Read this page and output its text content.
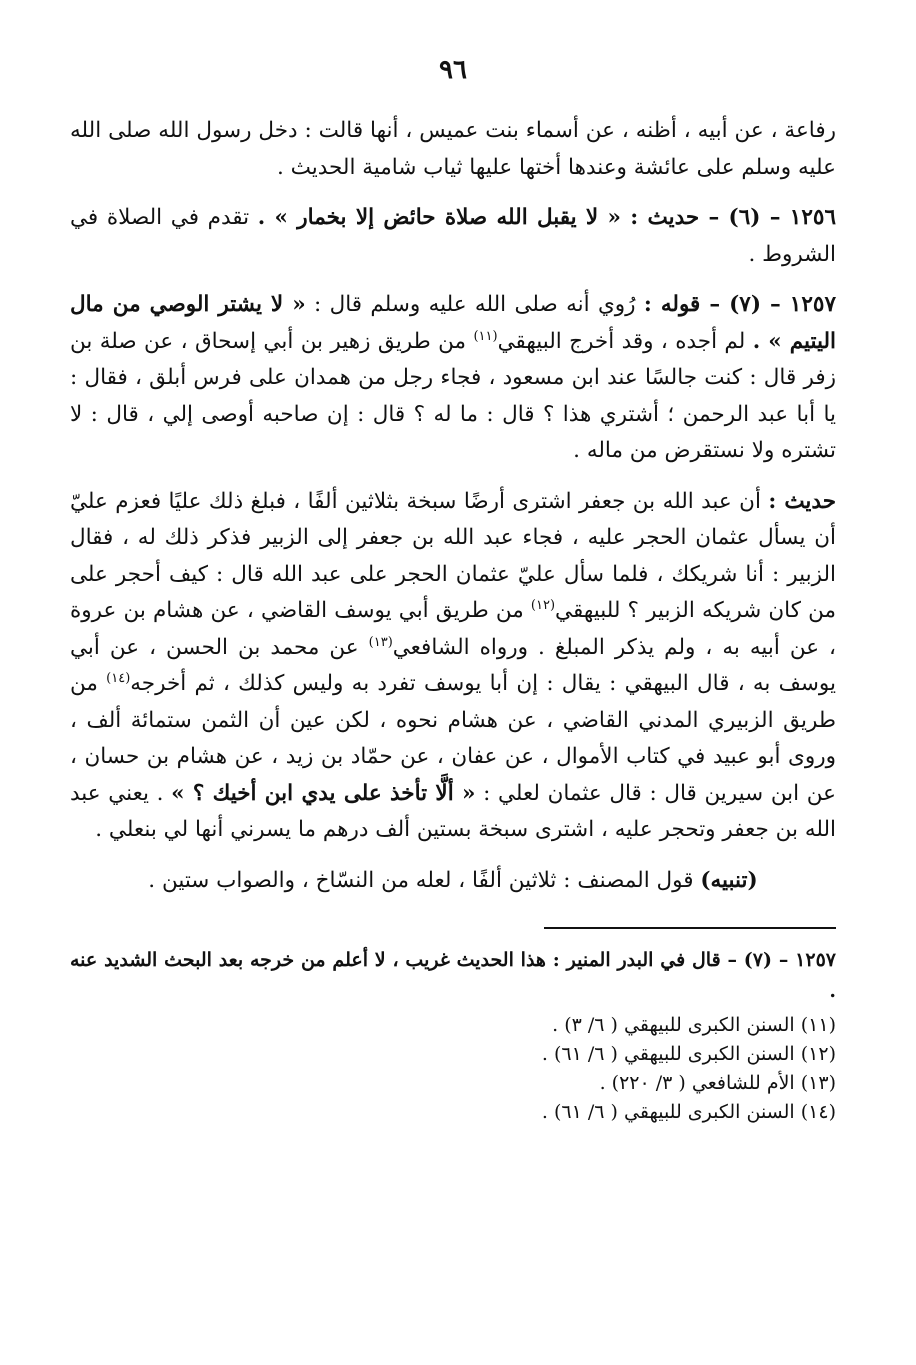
٩٦

رفاعة ، عن أبيه ، أظنه ، عن أسماء بنت عميس ، أنها قالت : دخل رسول الله صلى الله عليه وسلم على عائشة وعندها أختها عليها ثياب شامية الحديث .

١٢٥٦ – (٦) – حديث : « لا يقبل الله صلاة حائض إلا بخمار » . تقدم في الصلاة في الشروط .

١٢٥٧ – (٧) – قوله : رُوي أنه صلى الله عليه وسلم قال : « لا يشتر الوصي من مال اليتيم » . لم أجده ، وقد أخرج البيهقي$^{(١١)}$ من طريق زهير بن أبي إسحاق ، عن صلة بن زفر قال : كنت جالسًا عند ابن مسعود ، فجاء رجل من همدان على فرس أبلق ، فقال : يا أبا عبد الرحمن ؛ أشتري هذا ؟ قال : ما له ؟ قال : إن صاحبه أوصى إلي ، قال : لا تشتره ولا نستقرض من ماله .

حديث : أن عبد الله بن جعفر اشترى أرضًا سبخة بثلاثين ألفًا ، فبلغ ذلك عليًا فعزم عليّ أن يسأل عثمان الحجر عليه ، فجاء عبد الله بن جعفر إلى الزبير فذكر ذلك له ، فقال الزبير : أنا شريكك ، فلما سأل عليّ عثمان الحجر على عبد الله قال : كيف أحجر على من كان شريكه الزبير ؟ للبيهقي$^{(١٢)}$ من طريق أبي يوسف القاضي ، عن هشام بن عروة ، عن أبيه به ، ولم يذكر المبلغ . ورواه الشافعي$^{(١٣)}$ عن محمد بن الحسن ، عن أبي يوسف به ، قال البيهقي : يقال : إن أبا يوسف تفرد به وليس كذلك ، ثم أخرجه$^{(١٤)}$ من طريق الزبيري المدني القاضي ، عن هشام نحوه ، لكن عين أن الثمن ستمائة ألف ، وروى أبو عبيد في كتاب الأموال ، عن عفان ، عن حمّاد بن زيد ، عن هشام بن حسان ، عن ابن سيرين قال : قال عثمان لعلي : « ألَّا تأخذ على يدي ابن أخيك ؟ » . يعني عبد الله بن جعفر وتحجر عليه ، اشترى سبخة بستين ألف درهم ما يسرني أنها لي بنعلي .

(تنبيه) قول المصنف : ثلاثين ألفًا ، لعله من النسّاخ ، والصواب ستين .

١٢٥٧ – (٧) – قال في البدر المنير : هذا الحديث غريب ، لا أعلم من خرجه بعد البحث الشديد عنه .

(١١) السنن الكبرى للبيهقي ( ٦/ ٣) .
(١٢) السنن الكبرى للبيهقي ( ٦/ ٦١) .
(١٣) الأم للشافعي ( ٣/ ٢٢٠) .
(١٤) السنن الكبرى للبيهقي ( ٦/ ٦١) .
